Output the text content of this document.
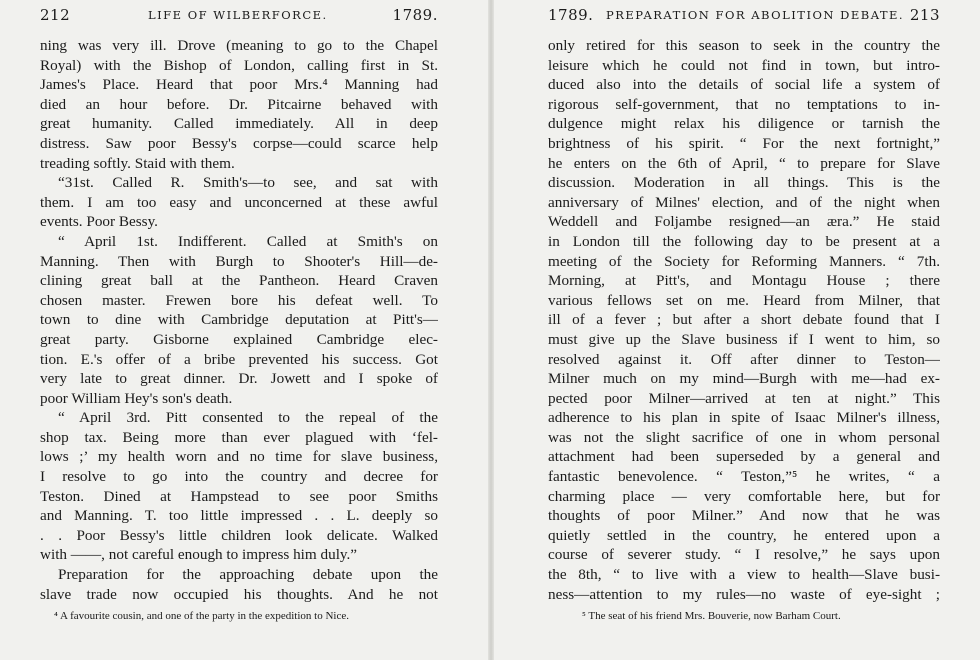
212	LIFE OF WILBERFORCE.	1789.
ning was very ill. Drove (meaning to go to the Chapel
Royal) with the Bishop of London, calling first in St.
James's Place. Heard that poor Mrs.⁴ Manning had
died an hour before. Dr. Pitcairne behaved with
great humanity. Called immediately. All in deep
distress. Saw poor Bessy's corpse—could scarce help
treading softly. Staid with them.
“31st. Called R. Smith's—to see, and sat with
them. I am too easy and unconcerned at these awful
events. Poor Bessy.
“ April 1st. Indifferent. Called at Smith's on
Manning. Then with Burgh to Shooter's Hill—de-
clining great ball at the Pantheon. Heard Craven
chosen master. Frewen bore his defeat well. To
town to dine with Cambridge deputation at Pitt's—
great party. Gisborne explained Cambridge elec-
tion. E.'s offer of a bribe prevented his success. Got
very late to great dinner. Dr. Jowett and I spoke of
poor William Hey's son's death.
“ April 3rd. Pitt consented to the repeal of the
shop tax. Being more than ever plagued with ‘fel-
lows ;’ my health worn and no time for slave business,
I resolve to go into the country and decree for
Teston. Dined at Hampstead to see poor Smiths
and Manning. T. too little impressed . . L. deeply so
. . Poor Bessy's little children look delicate. Walked
with ——, not careful enough to impress him duly.”
Preparation for the approaching debate upon the
slave trade now occupied his thoughts. And he not
⁴ A favourite cousin, and one of the party in the expedition to Nice.
1789. PREPARATION FOR ABOLITION DEBATE. 213
only retired for this season to seek in the country the
leisure which he could not find in town, but intro-
duced also into the details of social life a system of
rigorous self-government, that no temptations to in-
dulgence might relax his diligence or tarnish the
brightness of his spirit. “ For the next fortnight,”
he enters on the 6th of April, “ to prepare for Slave
discussion. Moderation in all things. This is the
anniversary of Milnes' election, and of the night when
Weddell and Foljambe resigned—an æra.” He staid
in London till the following day to be present at a
meeting of the Society for Reforming Manners. “ 7th.
Morning, at Pitt's, and Montagu House ; there
various fellows set on me. Heard from Milner, that
ill of a fever ; but after a short debate found that I
must give up the Slave business if I went to him, so
resolved against it. Off after dinner to Teston—
Milner much on my mind—Burgh with me—had ex-
pected poor Milner—arrived at ten at night.” This
adherence to his plan in spite of Isaac Milner's illness,
was not the slight sacrifice of one in whom personal
attachment had been superseded by a general and
fantastic benevolence. “ Teston,”⁵ he writes, “ a
charming place — very comfortable here, but for
thoughts of poor Milner.” And now that he was
quietly settled in the country, he entered upon a
course of severer study. “ I resolve,” he says upon
the 8th, “ to live with a view to health—Slave busi-
ness—attention to my rules—no waste of eye-sight ;
⁵ The seat of his friend Mrs. Bouverie, now Barham Court.
